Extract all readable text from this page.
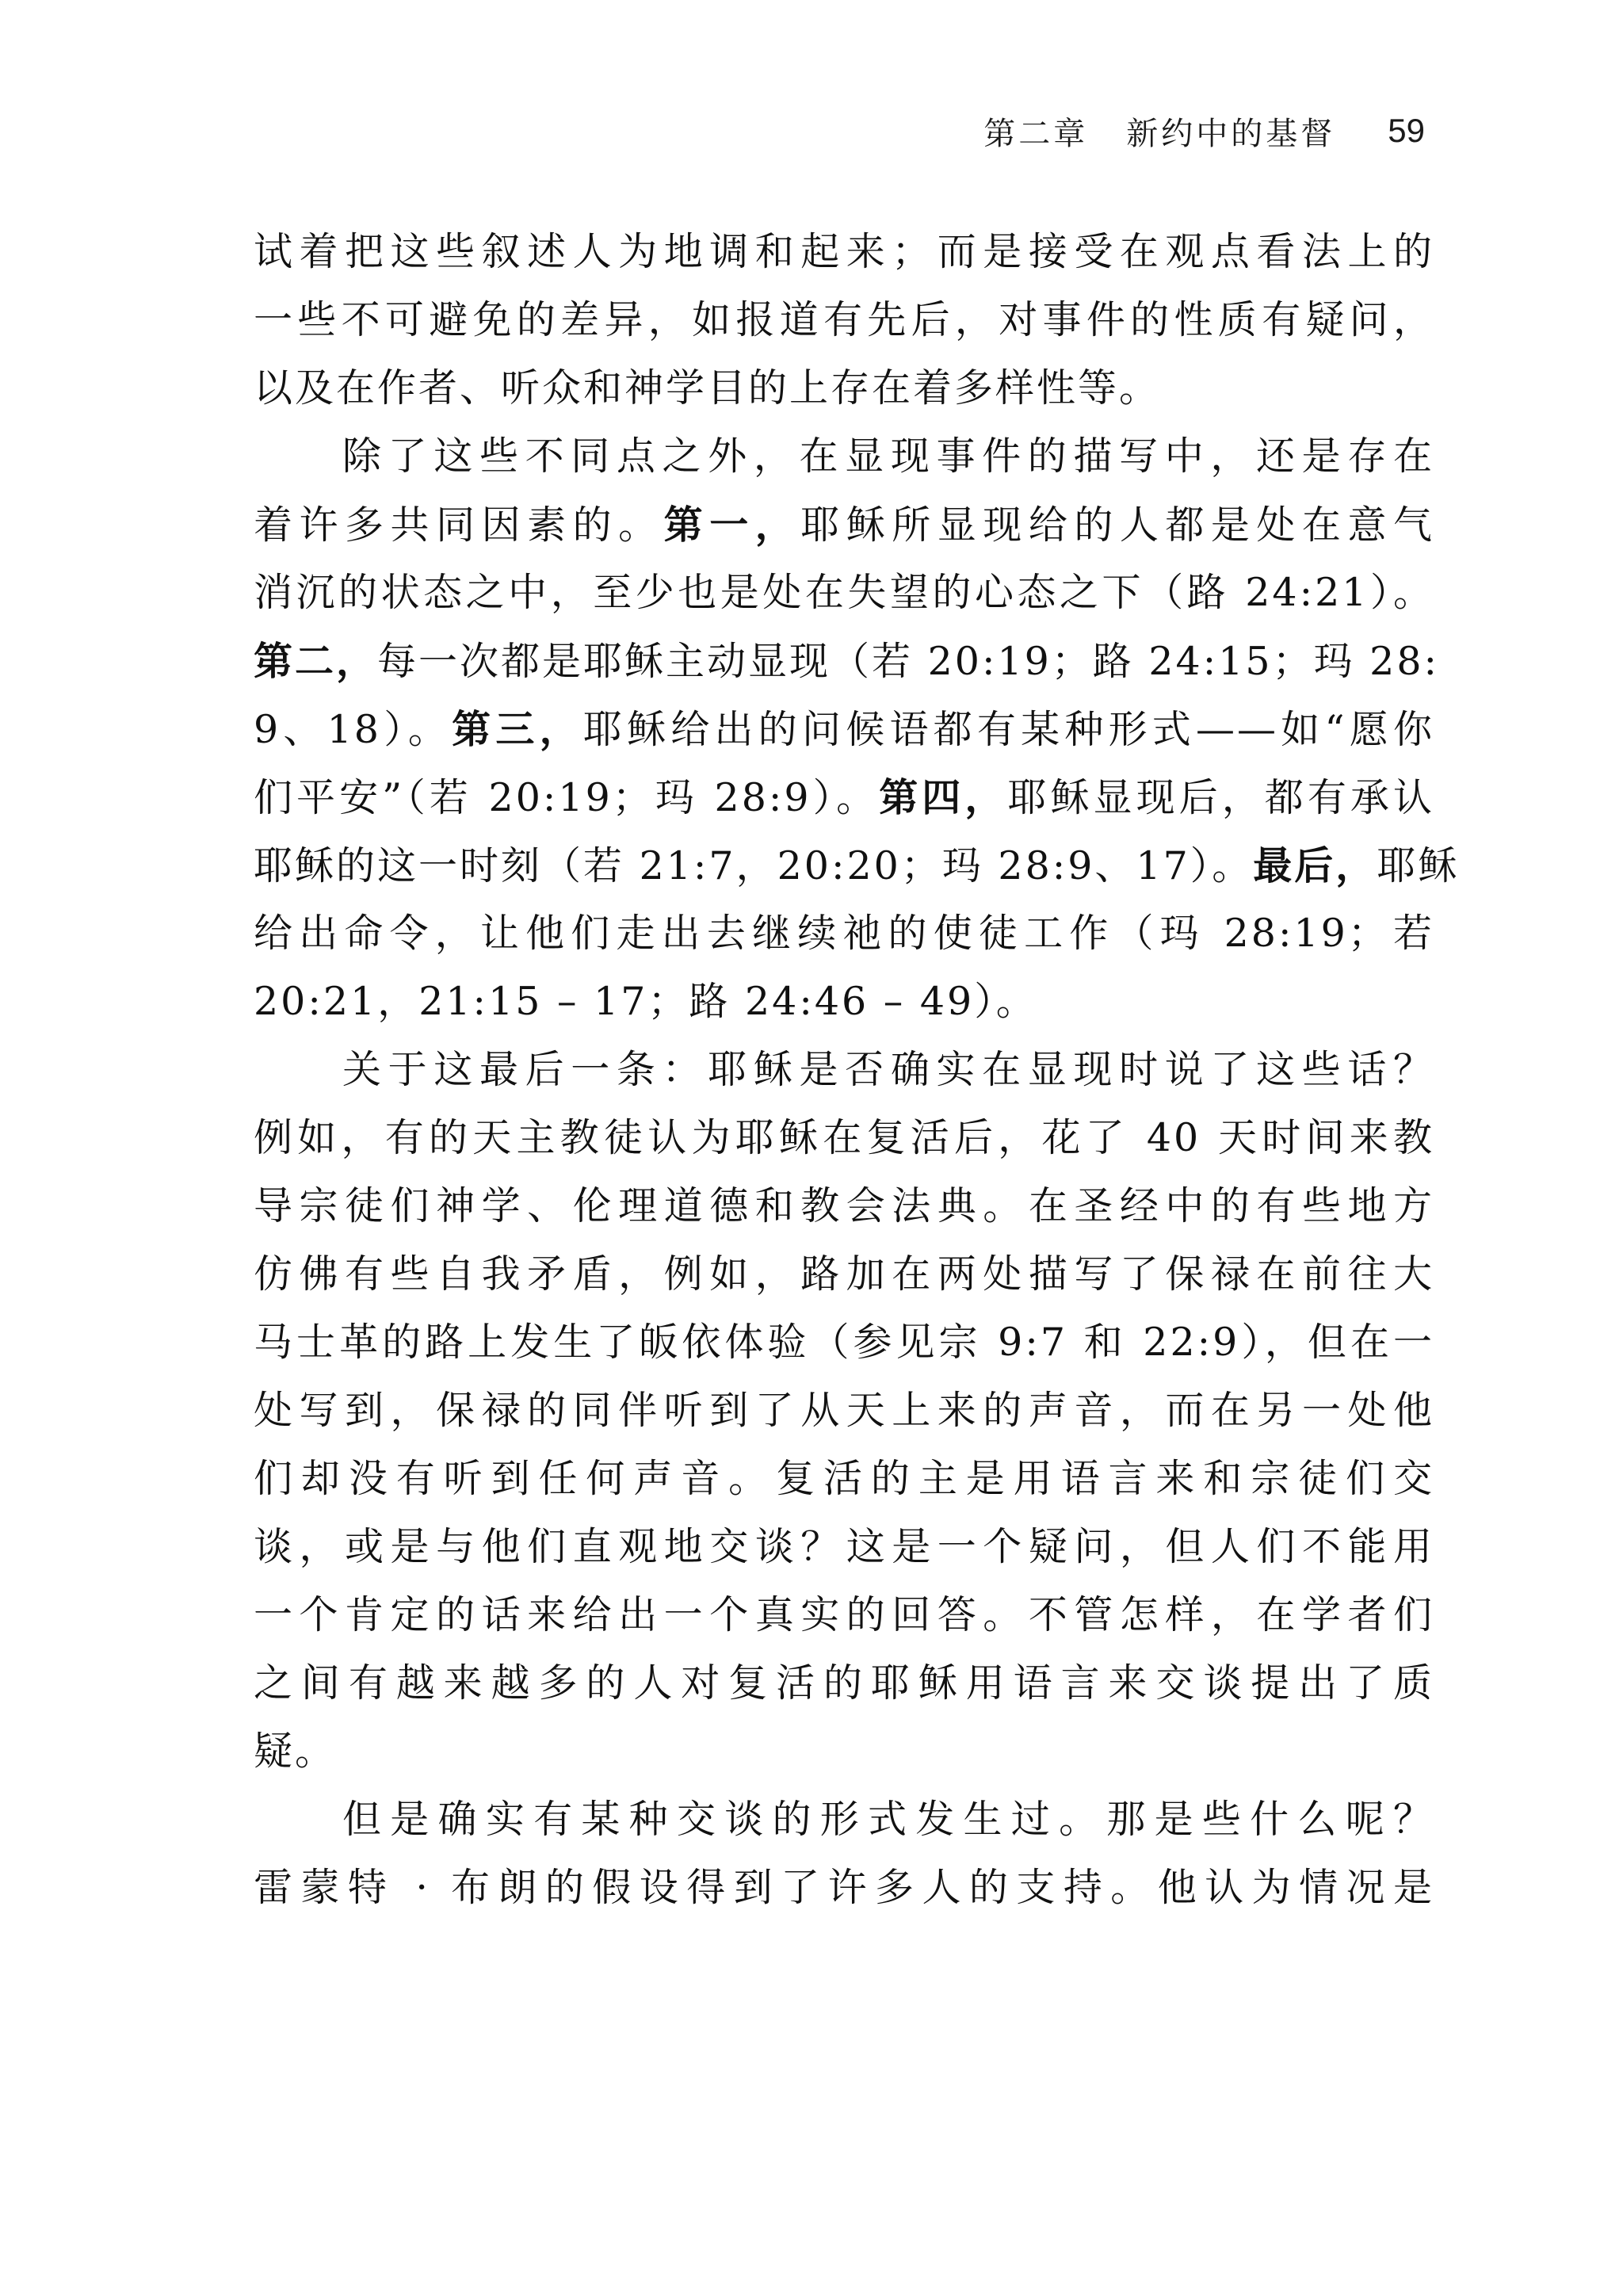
第二章 新约中的基督 59
试着把这些叙述人为地调和起来；而是接受在观点看法上的
一些不可避免的差异，如报道有先后，对事件的性质有疑问，
以及在作者、听众和神学目的上存在着多样性等。
除了这些不同点之外，在显现事件的描写中，还是存在
着许多共同因素的。第一，耶稣所显现给的人都是处在意气
消沉的状态之中，至少也是处在失望的心态之下（路 24:21）。
第二，每一次都是耶稣主动显现（若 20:19；路 24:15；玛 28:
9、18）。第三，耶稣给出的问候语都有某种形式——如“愿你
们平安”（若 20:19；玛 28:9）。第四，耶稣显现后，都有承认
耶稣的这一时刻（若 21:7，20:20；玛 28:9、17）。最后，耶稣
给出命令，让他们走出去继续祂的使徒工作（玛 28:19；若
20:21，21:15 – 17；路 24:46 – 49）。
关于这最后一条：耶稣是否确实在显现时说了这些话？
例如，有的天主教徒认为耶稣在复活后，花了 40 天时间来教
导宗徒们神学、伦理道德和教会法典。在圣经中的有些地方
仿佛有些自我矛盾，例如，路加在两处描写了保禄在前往大
马士革的路上发生了皈依体验（参见宗 9:7 和 22:9），但在一
处写到，保禄的同伴听到了从天上来的声音，而在另一处他
们却没有听到任何声音。复活的主是用语言来和宗徒们交
谈，或是与他们直观地交谈？这是一个疑问，但人们不能用
一个肯定的话来给出一个真实的回答。不管怎样，在学者们
之间有越来越多的人对复活的耶稣用语言来交谈提出了质
疑。
但是确实有某种交谈的形式发生过。那是些什么呢？
雷蒙特 · 布朗的假设得到了许多人的支持。他认为情况是
